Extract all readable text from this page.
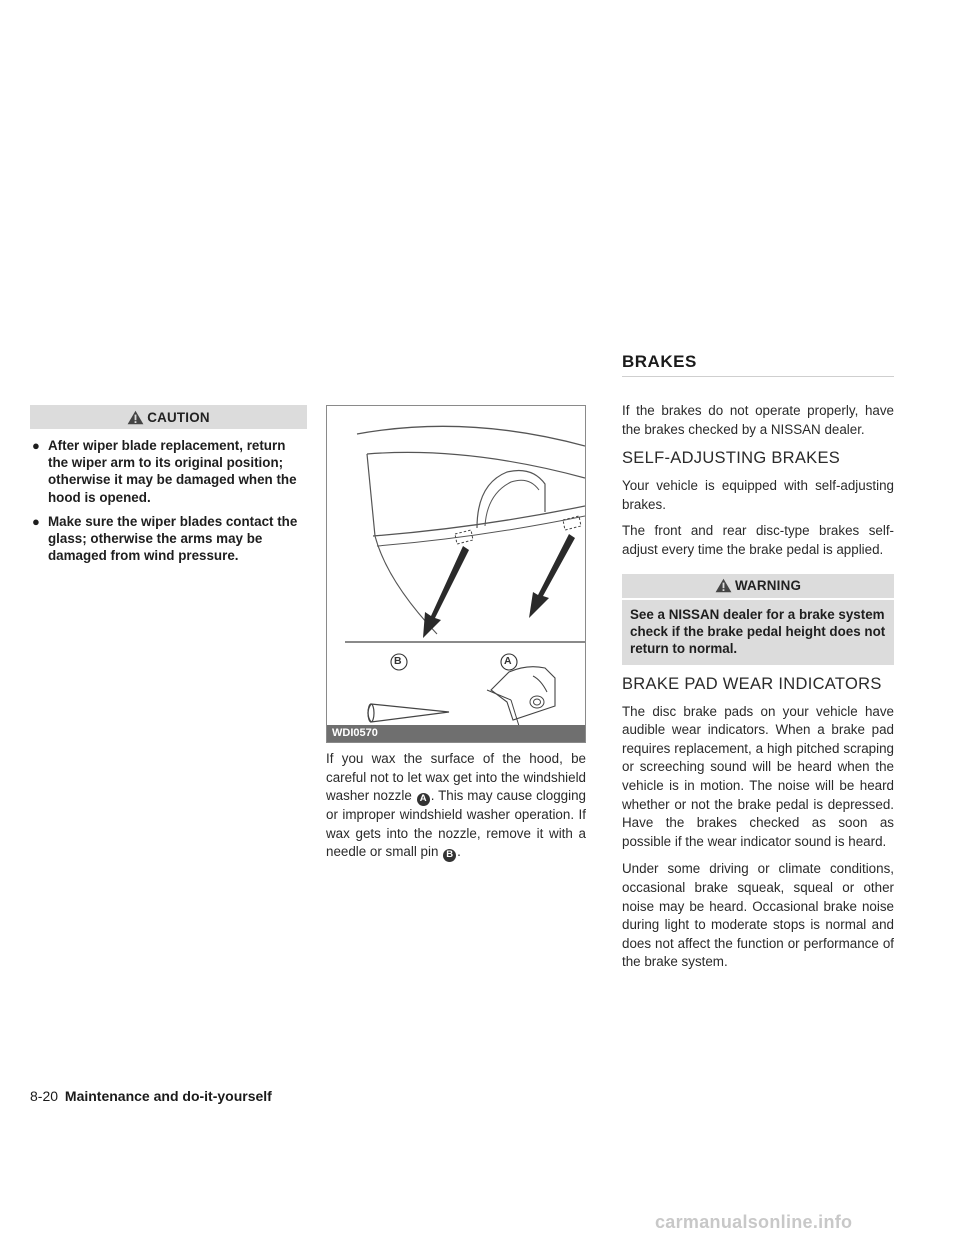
BRAKES
CAUTION
● After wiper blade replacement, return the wiper arm to its original position; otherwise it may be damaged when the hood is opened.
● Make sure the wiper blades contact the glass; otherwise the arms may be damaged from wind pressure.
B	A
WDI0570

If you wax the surface of the hood, be careful not to let wax get into the windshield washer nozzle A . This may cause clogging or improper windshield washer operation. If wax gets into the nozzle, remove it with a needle or small pin B .

If the brakes do not operate properly, have the brakes checked by a NISSAN dealer.

SELF-ADJUSTING BRAKES

Your vehicle is equipped with self-adjusting brakes.

The front and rear disc-type brakes self-adjust every time the brake pedal is applied.

WARNING
See a NISSAN dealer for a brake system check if the brake pedal height does not return to normal.
BRAKE PAD WEAR INDICATORS

The disc brake pads on your vehicle have audible wear indicators. When a brake pad requires replacement, a high pitched scraping or screeching sound will be heard when the vehicle is in motion. The noise will be heard whether or not the brake pedal is depressed. Have the brakes checked as soon as possible if the wear indicator sound is heard.

Under some driving or climate conditions, occasional brake squeak, squeal or other noise may be heard. Occasional brake noise during light to moderate stops is normal and does not affect the function or performance of the brake system.

8-20 Maintenance and do-it-yourself
carmanualsonline.info
